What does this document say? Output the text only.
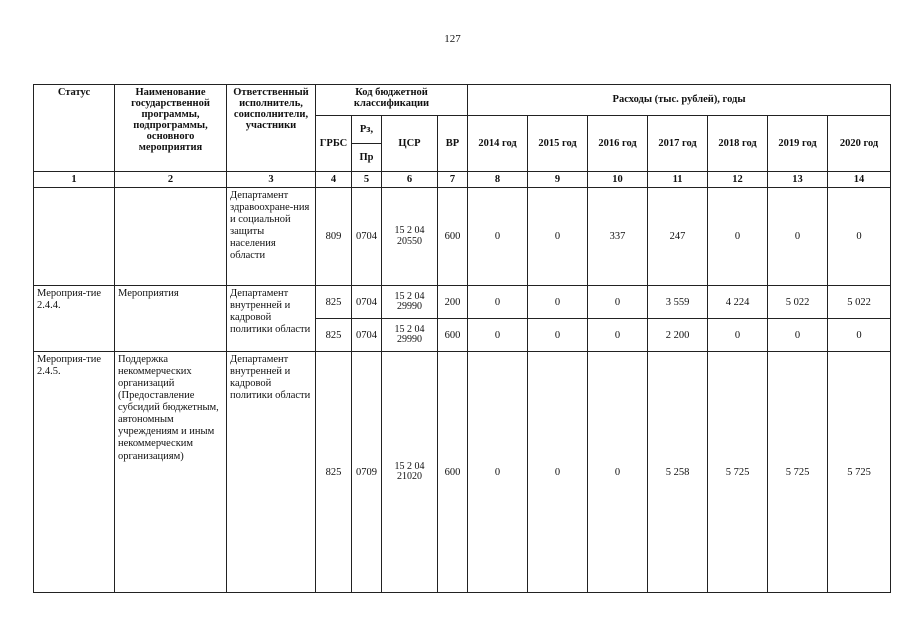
127
Статус	Наименование государственной программы, подпрограммы, основного мероприятия	Ответственный исполнитель, соисполнители, участники	Код бюджетной классификации				Расходы (тыс. рублей), годы						
			ГРБС	Рз,	ЦСР	ВР	2014 год	2015 год	2016 год	2017 год	2018 год	2019 год	2020 год
				Пр									
1	2	3	4	5	6	7	8	9	10	11	12	13	14
		Департамент здравоохране-ния и социальной защиты населения области	809	0704	15 2 04 20550	600	0	0	337	247	0	0	0
Мероприя-тие 2.4.4.	Мероприятия	Департамент внутренней и кадровой политики области	825	0704	15 2 04 29990	200	0	0	0	3 559	4 224	5 022	5 022
			825	0704	15 2 04 29990	600	0	0	0	2 200	0	0	0
Мероприя-тие 2.4.5.	Поддержка некоммерческих организаций (Предоставление субсидий бюджетным, автономным учреждениям и иным некоммерческим организациям)	Департамент внутренней и кадровой политики области	825	0709	15 2 04 21020	600	0	0	0	5 258	5 725	5 725	5 725
